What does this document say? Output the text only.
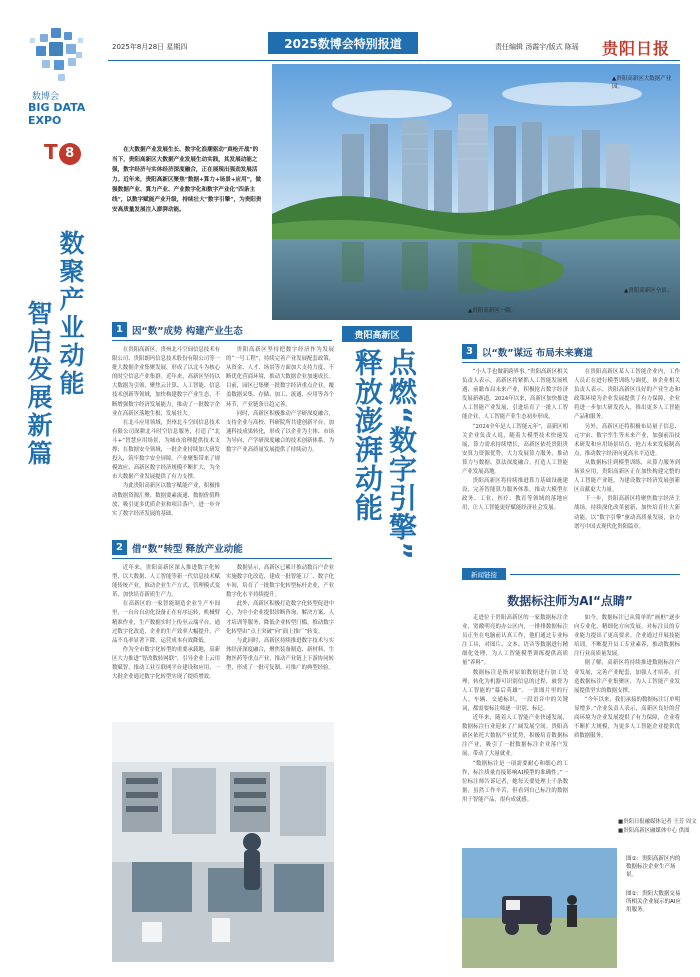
2025年8月28日 星期四	2025数博会特别报道	责任编辑 汤霞宇/版式 陈瑶 贵阳日报
数博会
BIG DATA
EXPO
T 8
数聚产业动能
智启发展新篇
在大数据产业发展生长、数字化浪潮驱动“真枪开战”的当下，贵阳高新区大数据产业发展生动实践，其发展动能之强，数字经济与实体经济深度融合，正在展现出强劲发展活力。近年来，贵阳高新区聚焦“数据+算力+场景+应用”，做强数据产业、算力产业、产业数字化和数字产业化“四条主线”，以数字赋能产业升级，持续壮大“数字引擎”，为贵阳贵安高质量发展注入澎湃动能。
▲贵阳高新区大数据产业园。
▲贵阳高新区一隅。
▲贵阳高新区全景。
1 因“数”成势 构建产业生态

在贵阳高新区，贵州北斗空间信息技术有限公司、贵阳朗玛信息技术股份有限公司等一批大数据企业集聚发展，形成了以北斗为核心的时空信息产业集群。近年来，高新区坚持以大数据为引领，聚焦云计算、人工智能、信息技术创新等领域，加快构建数字产业生态，不断增强数字经济发展能力，推动了一批数字企业在高新区落地生根、发展壮大。

在北斗应用领域，贵州北斗空间信息技术有限公司深耕北斗时空信息服务，打造了“北斗+”智慧应用场景，为城市治理提供技术支撑；在数据安全领域，一批企业持续加大研发投入，筑牢数字安全屏障。产业聚集带来了规模效应，高新区数字经济规模不断扩大，为全市大数据产业发展提供了有力支撑。

为此贵阳高新区以数字赋能产业，积极推动数据资源汇聚、数据要素流通、数据价值释放，吸引更多优质企业和项目落户，进一步夯实了数字经济发展的基础。

贵阳高新区坚持把数字经济作为发展的“一号工程”，持续完善产业发展配套政策，从资金、人才、场景等方面加大支持力度，不断优化营商环境，推动大数据企业加速成长。目前，园区已集聚一批数字经济重点企业，覆盖数据采集、存储、加工、流通、应用等各个环节，产业链条日趋完善。

同时，高新区积极推动产学研深度融合，支持企业与高校、科研院所共建创新平台，加速科技成果转化，形成了以企业为主体、市场为导向、产学研深度融合的技术创新体系，为数字产业高质量发展提供了持续动力。

2 借“数”转型 释放产业动能

近年来，贵阳高新区深入推进数字化转型，以大数据、人工智能等新一代信息技术赋能传统产业，推动企业生产方式、管理模式变革，加快培育新质生产力。

在高新区的一家智能制造企业生产车间里，一台台自动化设备正在有序运转，机械臂精准作业，生产数据实时上传至云端平台。通过数字化改造，企业的生产效率大幅提升，产品不良率显著下降，运营成本有效降低。

作为全市数字化转型的重要承载地，高新区大力推进“智改数转网联”，引导企业上云用数赋智，推动工业互联网平台建设和应用，一大批企业通过数字化转型实现了提质增效。

数据显示，高新区已累计推动数百户企业实施数字化改造，建成一批智能工厂、数字化车间，培育了一批数字化转型标杆企业，产业数字化水平持续提升。

此外，高新区积极打造数字化转型促进中心，为中小企业提供诊断咨询、解决方案、人才培训等服务，降低企业转型门槛，推动数字化转型由“点上突破”向“面上推广”转变。

与此同时，高新区持续推进数字技术与实体经济深度融合，聚焦装备制造、新材料、生物医药等重点产业，推动产业链上下游协同转型，形成了一批可复制、可推广的典型经验。

贵阳高新区
点燃“数字引擎”
释放澎湃动能	3 以“数”谋远 布局未来赛道

“小人手也做新跨界事。”贵阳高新区相关负责人表示，高新区将紧抓人工智能发展机遇，前瞻布局未来产业，积极抢占数字经济发展新赛道。2024年以来，高新区加快推进人工智能产业发展，引进培育了一批人工智能企业，人工智能产业生态初步形成。

“2024全年是人工智能元年”，高新区相关企业负责人说，随着大模型技术快速发展，算力需求持续增长，高新区依托贵阳贵安算力资源优势，大力发展算力服务，推动算力与数据、算法深度融合，打造人工智能产业发展高地。

贵阳高新区将持续推进算力基础设施建设，完善智能算力服务体系，推动大模型在政务、工业、医疗、教育等领域的落地应用，让人工智能更好赋能经济社会发展。

在贵阳高新区某人工智能企业内，工作人员正在进行模型训练与调优。该企业相关负责人表示，贵阳高新区良好的产业生态和政策环境为企业发展提供了有力保障，企业将进一步加大研发投入，推出更多人工智能产品和服务。

另外，高新区还将积极布局量子信息、元宇宙、数字孪生等未来产业，加强前沿技术研发和应用场景培育，抢占未来发展制高点，推动数字经济向更高水平迈进。

从数据标注到模型训练，从算力服务到场景应用，贵阳高新区正在加快构建完整的人工智能产业链，为建设数字经济发展创新区贡献更大力量。

下一步，贵阳高新区将聚焦数字经济主战场，持续深化改革创新，加快培育壮大新动能，以“数字引擎”驱动高质量发展，奋力谱写中国式现代化贵阳篇章。

新闻链接
数据标注师为AI“点睛”

走进位于贵阳高新区的一家数据标注企业，宽敞明亮的办公区内，一排排数据标注员正坐在电脑前认真工作，他们通过专业标注工具，对图片、文本、语音等数据进行精细化处理，为人工智能模型训练提供高质量“养料”。

数据标注是指对原始数据进行加工处理，转化为机器可识别信息的过程，被誉为人工智能的“幕后英雄”。一张图片里的行人、车辆、交通标识，一段语音中的关键词，都需要标注师逐一识别、标记。

近年来，随着人工智能产业快速发展，数据标注行业迎来了广阔发展空间。贵阳高新区依托大数据产业优势，积极培育数据标注产业，吸引了一批数据标注企业落户发展，带动了大量就业。

“数据标注是一项需要耐心和细心的工作，标注质量直接影响AI模型的准确性。”一位标注师告诉记者，她每天要处理上千条数据，虽然工作辛苦，但看到自己标注的数据用于智能产品，很有成就感。

如今，数据标注已从简单的“画框”逐步向专业化、精细化方向发展，对标注员的专业能力提出了更高要求。企业通过开展技能培训，不断提升员工专业素养，推动数据标注行业高质量发展。

据了解，高新区将持续推进数据标注产业发展，完善产业配套，加强人才培养，打造数据标注产业集聚区，为人工智能产业发展提供坚实的数据支撑。

“今年以来，我们承接的数据标注订单明显增多。”企业负责人表示，高新区良好的营商环境为企业发展提供了有力保障，企业将不断扩大规模，为更多人工智能企业提供优质数据服务。

■贵阳日报融媒体记者 王芳 周文
■贵阳高新区融媒体中心 供图
图①：贵阳高新区内的数据标注企业生产场景。
图②：贵阳大数据交易所相关企业展示的AI应用服务。
